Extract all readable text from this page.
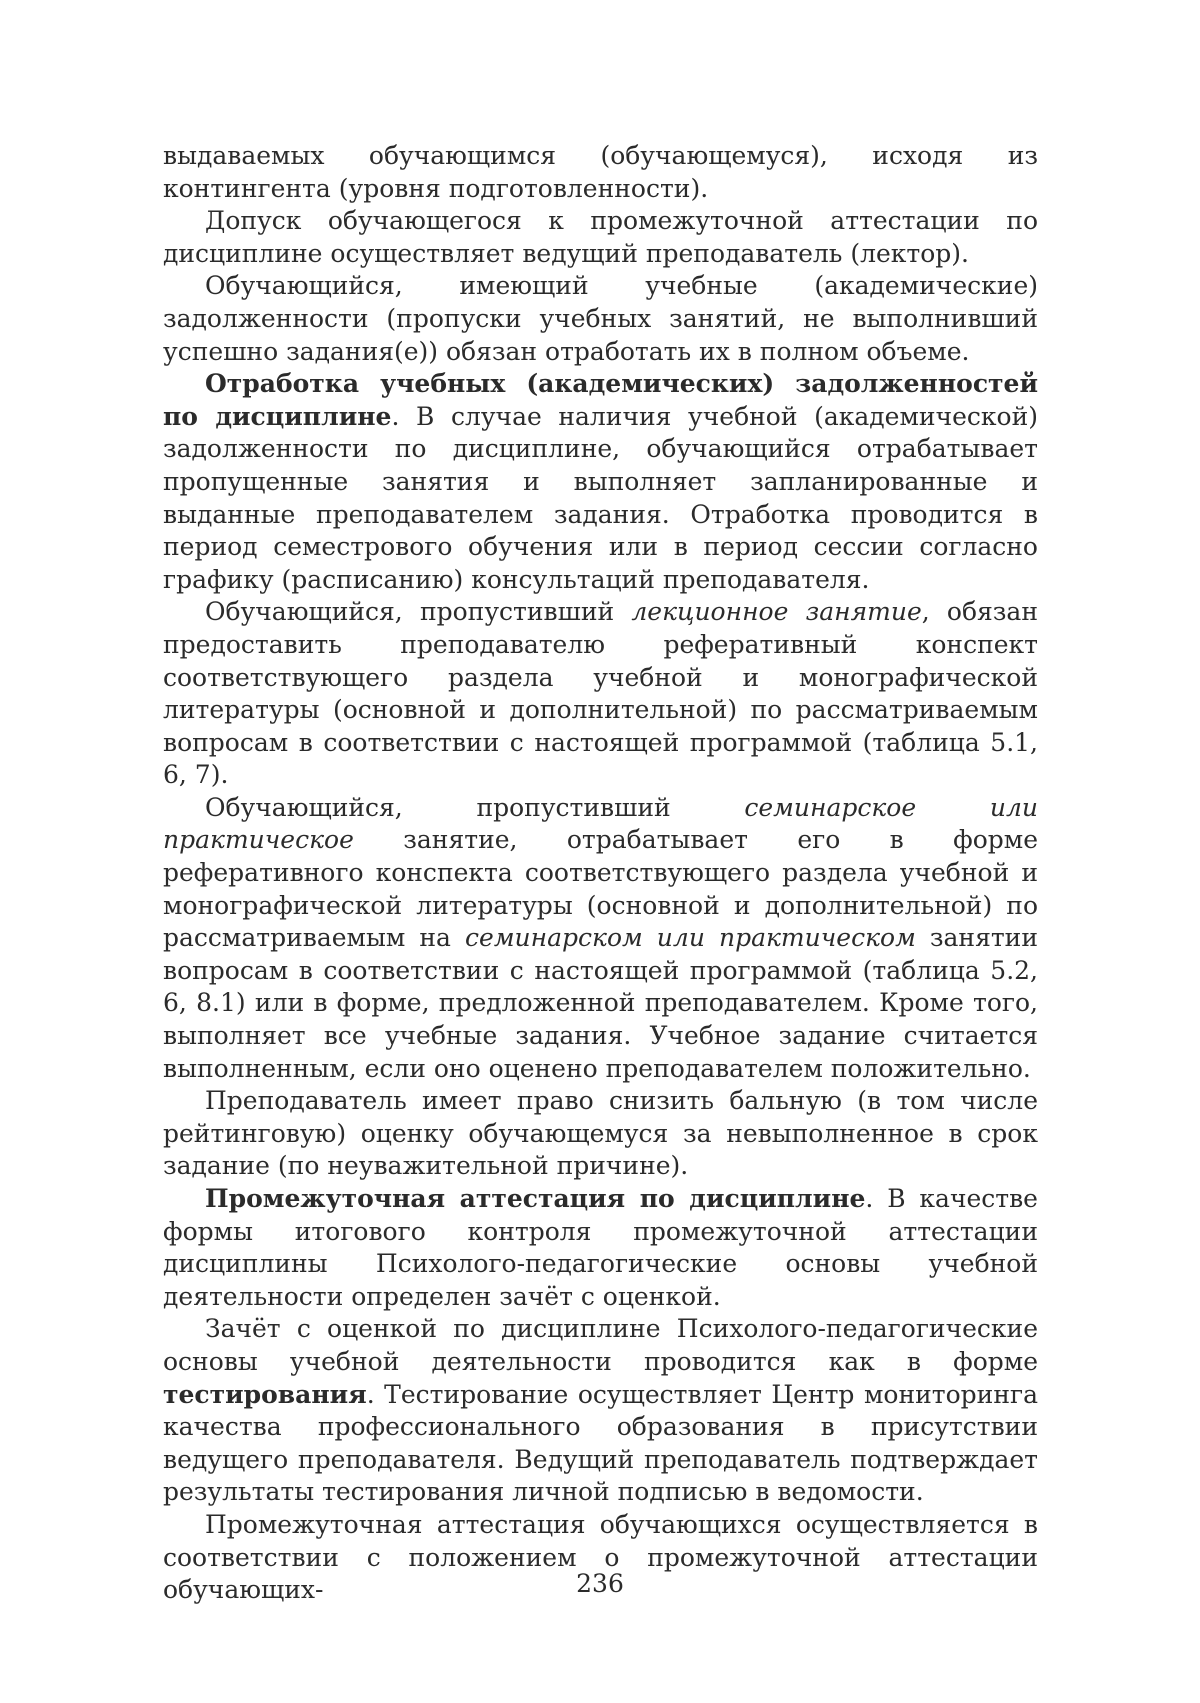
выдаваемых обучающимся (обучающемуся), исходя из контингента (уровня подготовленности).

Допуск обучающегося к промежуточной аттестации по дисциплине осуществляет ведущий преподаватель (лектор).

Обучающийся, имеющий учебные (академические) задолженности (пропуски учебных занятий, не выполнивший успешно задания(е)) обязан отработать их в полном объеме.

Отработка учебных (академических) задолженностей по дисциплине. В случае наличия учебной (академической) задолженности по дисциплине, обучающийся отрабатывает пропущенные занятия и выполняет запланированные и выданные преподавателем задания. Отработка проводится в период семестрового обучения или в период сессии согласно графику (расписанию) консультаций преподавателя.

Обучающийся, пропустивший лекционное занятие, обязан предоставить преподавателю реферативный конспект соответствующего раздела учебной и монографической литературы (основной и дополнительной) по рассматриваемым вопросам в соответствии с настоящей программой (таблица 5.1, 6, 7).

Обучающийся, пропустивший семинарское или практическое занятие, отрабатывает его в форме реферативного конспекта соответствующего раздела учебной и монографической литературы (основной и дополнительной) по рассматриваемым на семинарском или практическом занятии вопросам в соответствии с настоящей программой (таблица 5.2, 6, 8.1) или в форме, предложенной преподавателем. Кроме того, выполняет все учебные задания. Учебное задание считается выполненным, если оно оценено преподавателем положительно.

Преподаватель имеет право снизить бальную (в том числе рейтинговую) оценку обучающемуся за невыполненное в срок задание (по неуважительной причине).

Промежуточная аттестация по дисциплине. В качестве формы итогового контроля промежуточной аттестации дисциплины Психолого-педагогические основы учебной деятельности определен зачёт с оценкой.

Зачёт с оценкой по дисциплине Психолого-педагогические основы учебной деятельности проводится как в форме тестирования. Тестирование осуществляет Центр мониторинга качества профессионального образования в присутствии ведущего преподавателя. Ведущий преподаватель подтверждает результаты тестирования личной подписью в ведомости.

Промежуточная аттестация обучающихся осуществляется в соответствии с положением о промежуточной аттестации обучающих-	236
